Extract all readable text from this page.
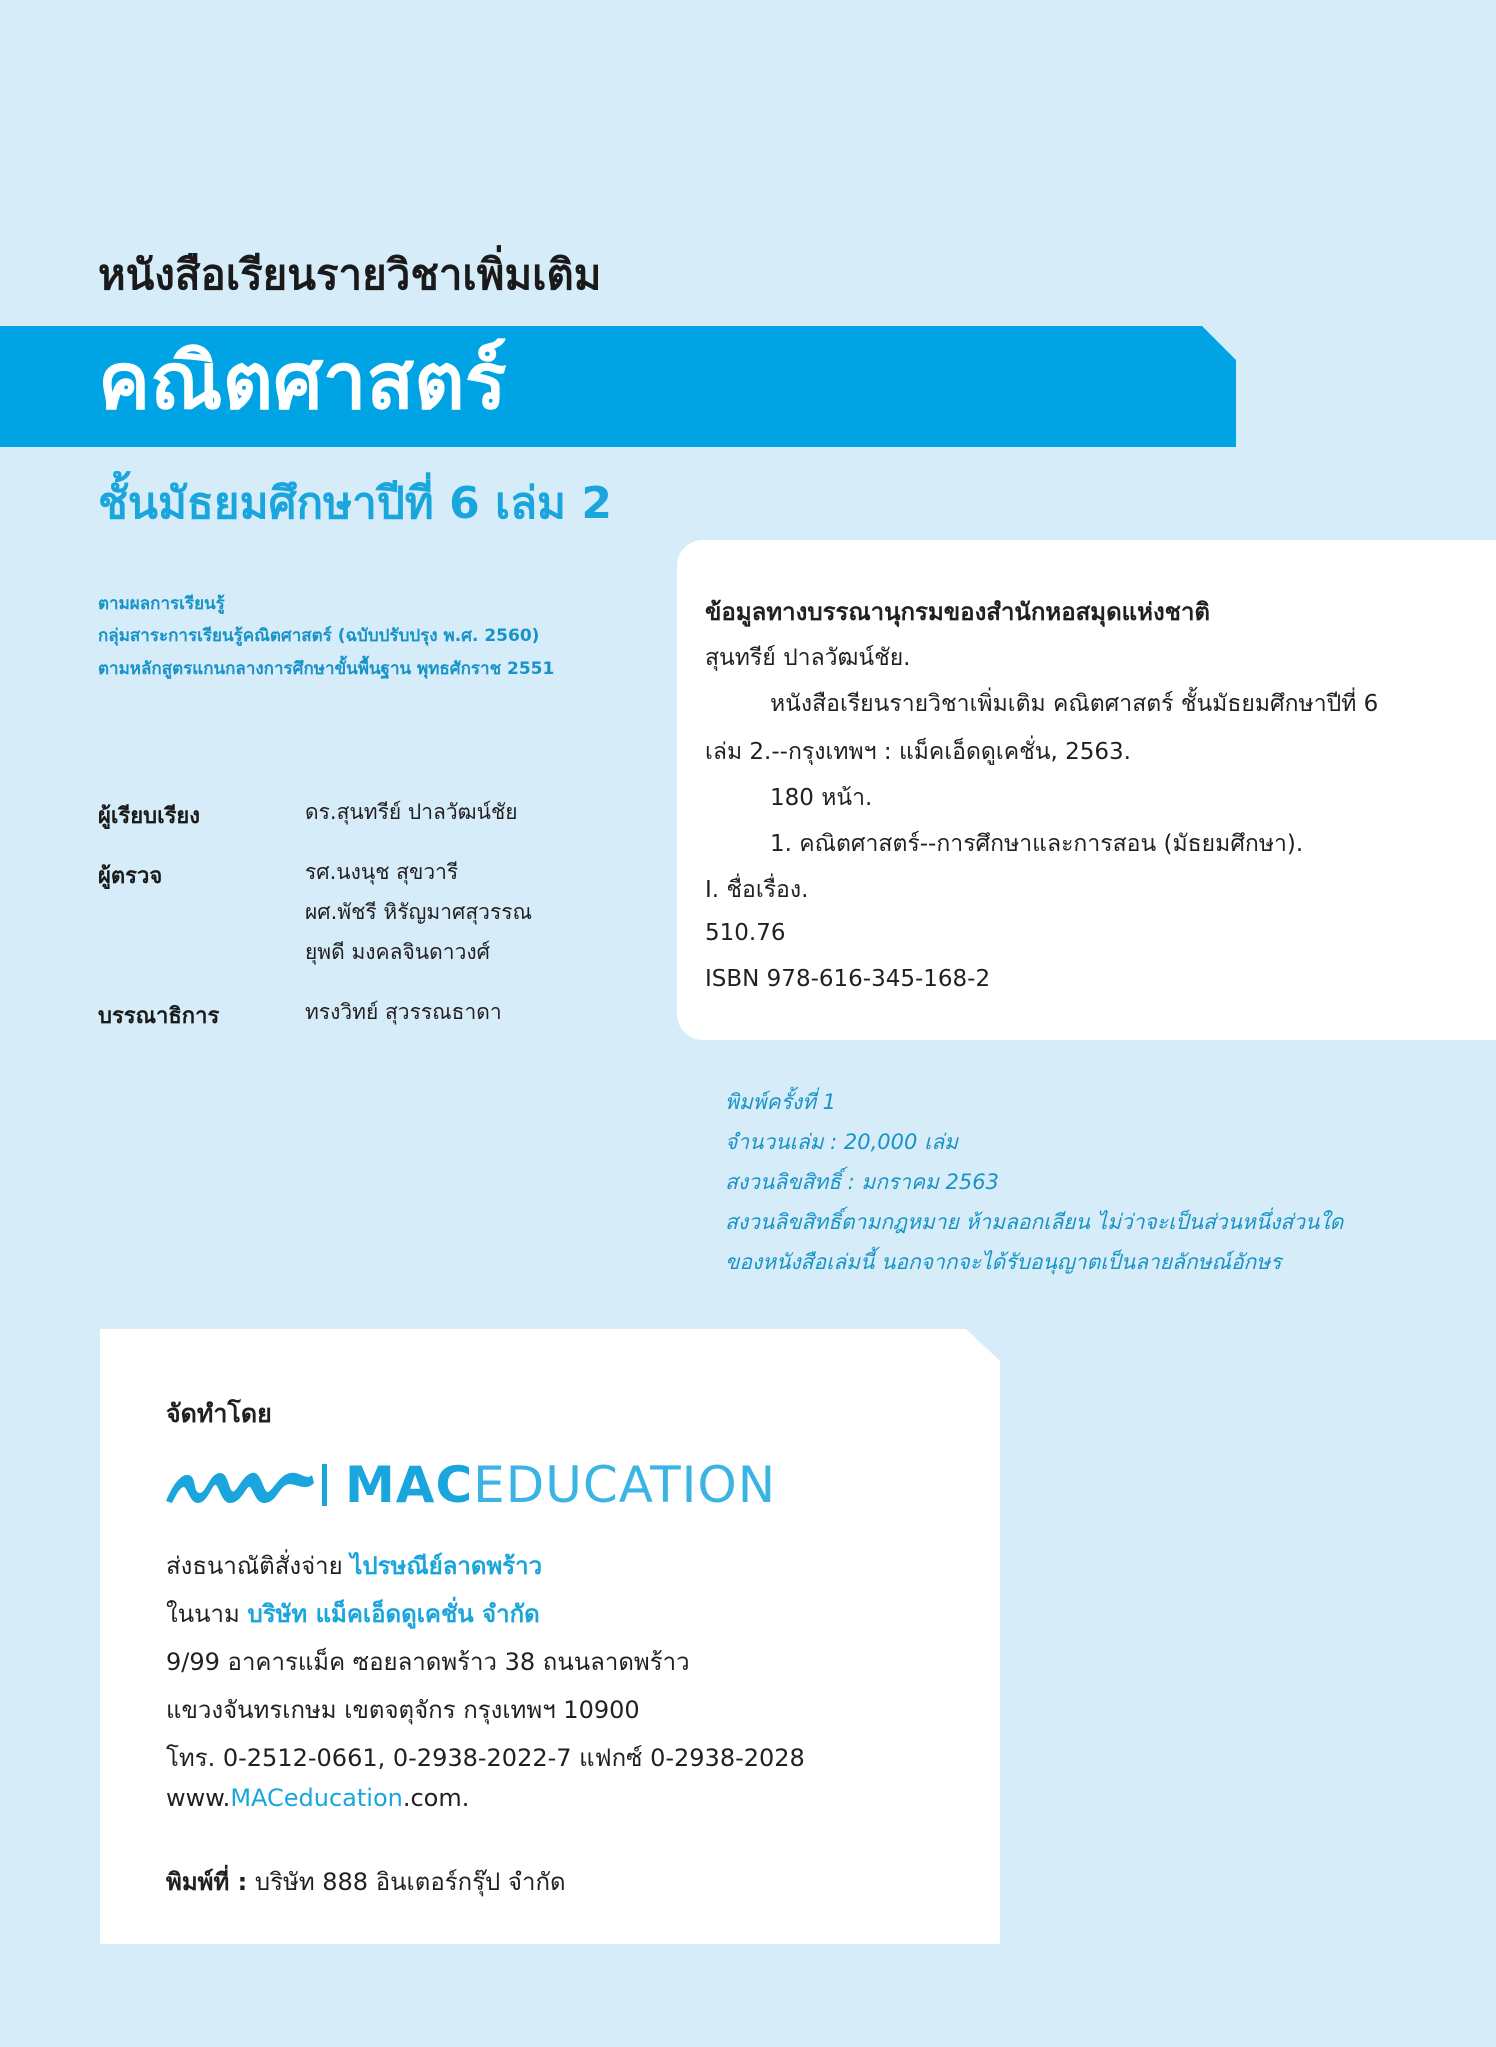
หนังสือเรียนรายวิชาเพิ่มเติม
คณิตศาสตร์
ชั้นมัธยมศึกษาปีที่ 6 เล่ม 2
ตามผลการเรียนรู้
กลุ่มสาระการเรียนรู้คณิตศาสตร์ (ฉบับปรับปรุง พ.ศ. 2560)
ตามหลักสูตรแกนกลางการศึกษาขั้นพื้นฐาน พุทธศักราช 2551
ผู้เรียบเรียง	ดร.สุนทรีย์ ปาลวัฒน์ชัย
ผู้ตรวจ	รศ.นงนุช สุขวารี
ผศ.พัชรี หิรัญมาศสุวรรณ
ยุพดี มงคลจินดาวงศ์
บรรณาธิการ	ทรงวิทย์ สุวรรณธาดา
ข้อมูลทางบรรณานุกรมของสำนักหอสมุดแห่งชาติ
สุนทรีย์ ปาลวัฒน์ชัย.
หนังสือเรียนรายวิชาเพิ่มเติม คณิตศาสตร์ ชั้นมัธยมศึกษาปีที่ 6
เล่ม 2.--กรุงเทพฯ : แม็คเอ็ดดูเคชั่น, 2563.
180 หน้า.
1. คณิตศาสตร์--การศึกษาและการสอน (มัธยมศึกษา).
I. ชื่อเรื่อง.
510.76
ISBN 978-616-345-168-2
พิมพ์ครั้งที่ 1
จำนวนเล่ม : 20,000 เล่ม
สงวนลิขสิทธิ์ : มกราคม 2563
สงวนลิขสิทธิ์ตามกฎหมาย ห้ามลอกเลียน ไม่ว่าจะเป็นส่วนหนึ่งส่วนใด
ของหนังสือเล่มนี้ นอกจากจะได้รับอนุญาตเป็นลายลักษณ์อักษร
จัดทำโดย
MACEDUCATION
ส่งธนาณัติสั่งจ่าย ไปรษณีย์ลาดพร้าว
ในนาม บริษัท แม็คเอ็ดดูเคชั่น จำกัด
9/99 อาคารแม็ค ซอยลาดพร้าว 38 ถนนลาดพร้าว
แขวงจันทรเกษม เขตจตุจักร กรุงเทพฯ 10900
โทร. 0-2512-0661, 0-2938-2022-7 แฟกซ์ 0-2938-2028
www.MACeducation.com.
พิมพ์ที่ : บริษัท 888 อินเตอร์กรุ๊ป จำกัด
